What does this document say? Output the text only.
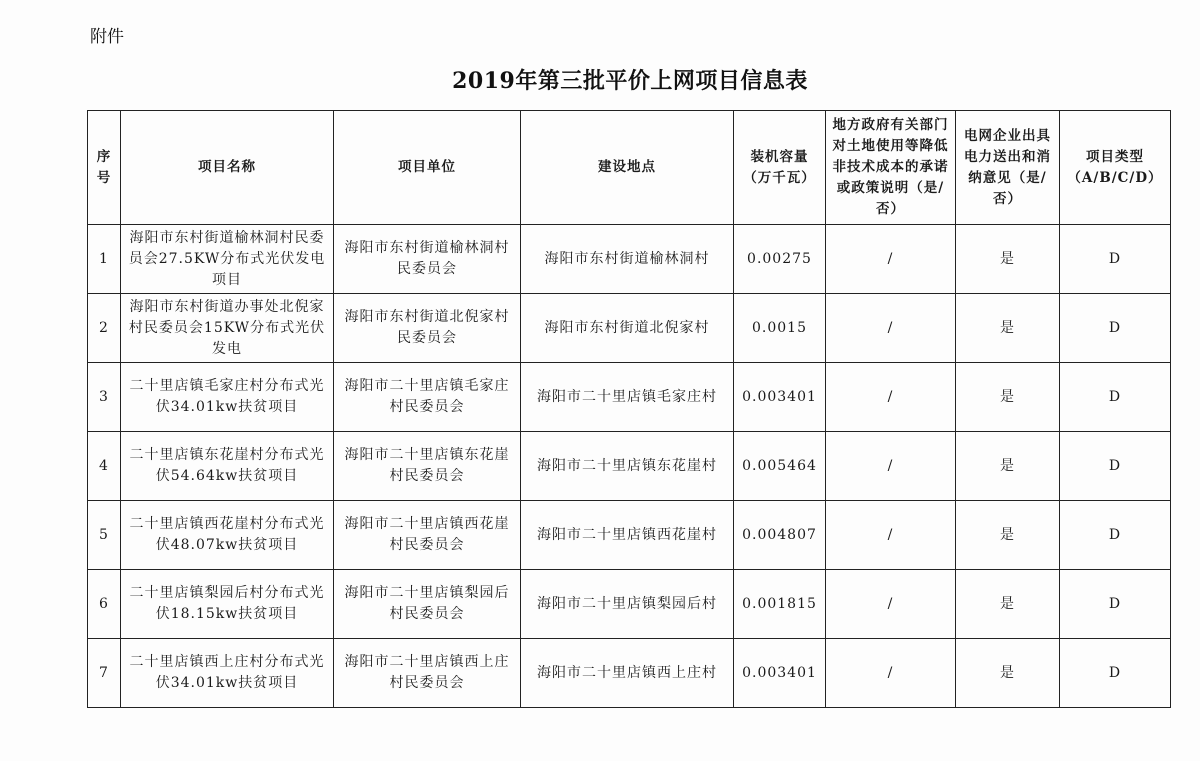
附件
2019年第三批平价上网项目信息表
序号	项目名称	项目单位	建设地点	装机容量（万千瓦）	地方政府有关部门对土地使用等降低非技术成本的承诺或政策说明（是/否）	电网企业出具电力送出和消纳意见（是/否）	项目类型（A/B/C/D）
1	海阳市东村街道榆林洞村民委员会27.5KW分布式光伏发电项目	海阳市东村街道榆林洞村民委员会	海阳市东村街道榆林洞村	0.00275	/	是	D
2	海阳市东村街道办事处北倪家村民委员会15KW分布式光伏发电	海阳市东村街道北倪家村民委员会	海阳市东村街道北倪家村	0.0015	/	是	D
3	二十里店镇毛家庄村分布式光伏34.01kw扶贫项目	海阳市二十里店镇毛家庄村民委员会	海阳市二十里店镇毛家庄村	0.003401	/	是	D
4	二十里店镇东花崖村分布式光伏54.64kw扶贫项目	海阳市二十里店镇东花崖村民委员会	海阳市二十里店镇东花崖村	0.005464	/	是	D
5	二十里店镇西花崖村分布式光伏48.07kw扶贫项目	海阳市二十里店镇西花崖村民委员会	海阳市二十里店镇西花崖村	0.004807	/	是	D
6	二十里店镇梨园后村分布式光伏18.15kw扶贫项目	海阳市二十里店镇梨园后村民委员会	海阳市二十里店镇梨园后村	0.001815	/	是	D
7	二十里店镇西上庄村分布式光伏34.01kw扶贫项目	海阳市二十里店镇西上庄村民委员会	海阳市二十里店镇西上庄村	0.003401	/	是	D
